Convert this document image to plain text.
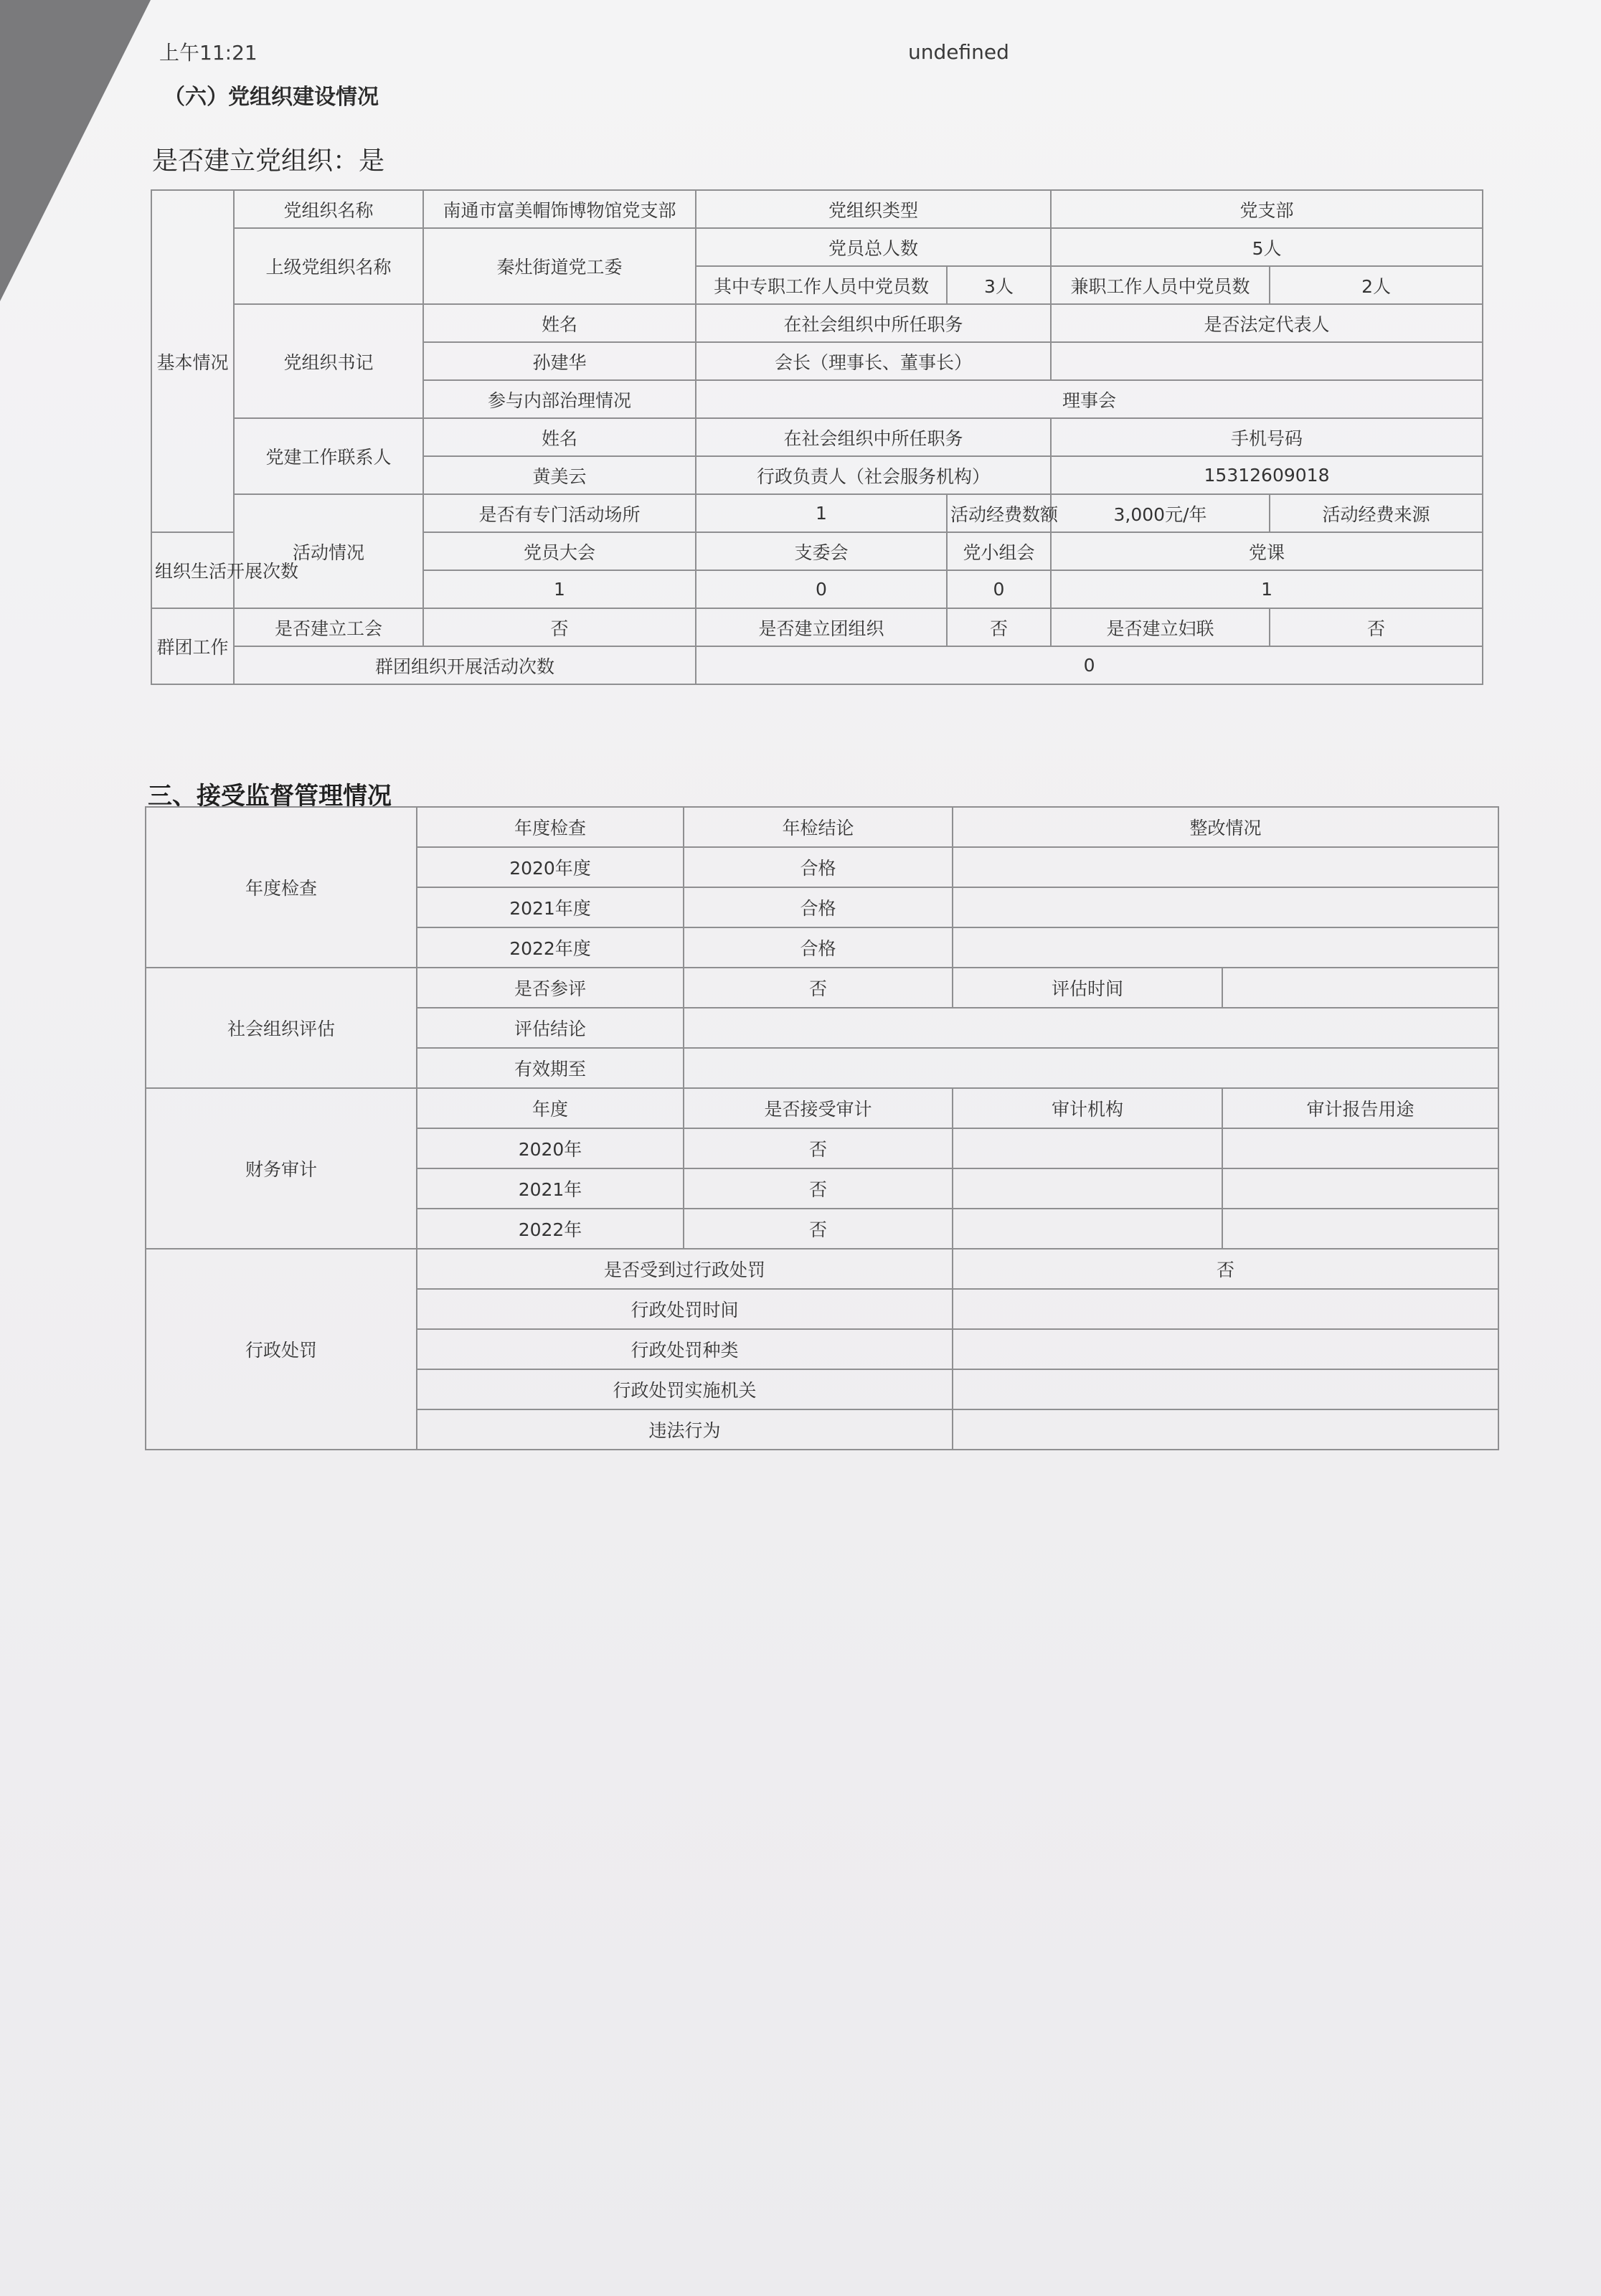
上午11:21	undefined
（六）党组织建设情况
是否建立党组织：是
基本情况	党组织名称	南通市富美帽饰博物馆党支部	党组织类型		党支部		
	上级党组织名称	秦灶街道党工委	党员总人数		5人		
			其中专职工作人员中党员数	3人	兼职工作人员中党员数	2人	
	党组织书记	姓名	在社会组织中所任职务		是否法定代表人		
		孙建华	会长（理事长、董事长）				
		参与内部治理情况	理事会				
	党建工作联系人	姓名	在社会组织中所任职务		手机号码		
		黄美云	行政负责人（社会服务机构）		15312609018		
	活动情况	是否有专门活动场所	1	活动经费数额	3,000元/年	活动经费来源	
组织生活开展次数		党员大会	支委会	党小组会	党课		
		1	0	0	1		
群团工作	是否建立工会	否	是否建立团组织	否	是否建立妇联	否	
	群团组织开展活动次数		0				
三、接受监督管理情况
年度检查	年度检查	年检结论	整改情况	
	2020年度	合格		
	2021年度	合格		
	2022年度	合格		
社会组织评估	是否参评	否	评估时间	
	评估结论			
	有效期至			
财务审计	年度	是否接受审计	审计机构	审计报告用途
	2020年	否		
	2021年	否		
	2022年	否		
行政处罚	是否受到过行政处罚		否	
	行政处罚时间			
	行政处罚种类			
	行政处罚实施机关			
	违法行为			
